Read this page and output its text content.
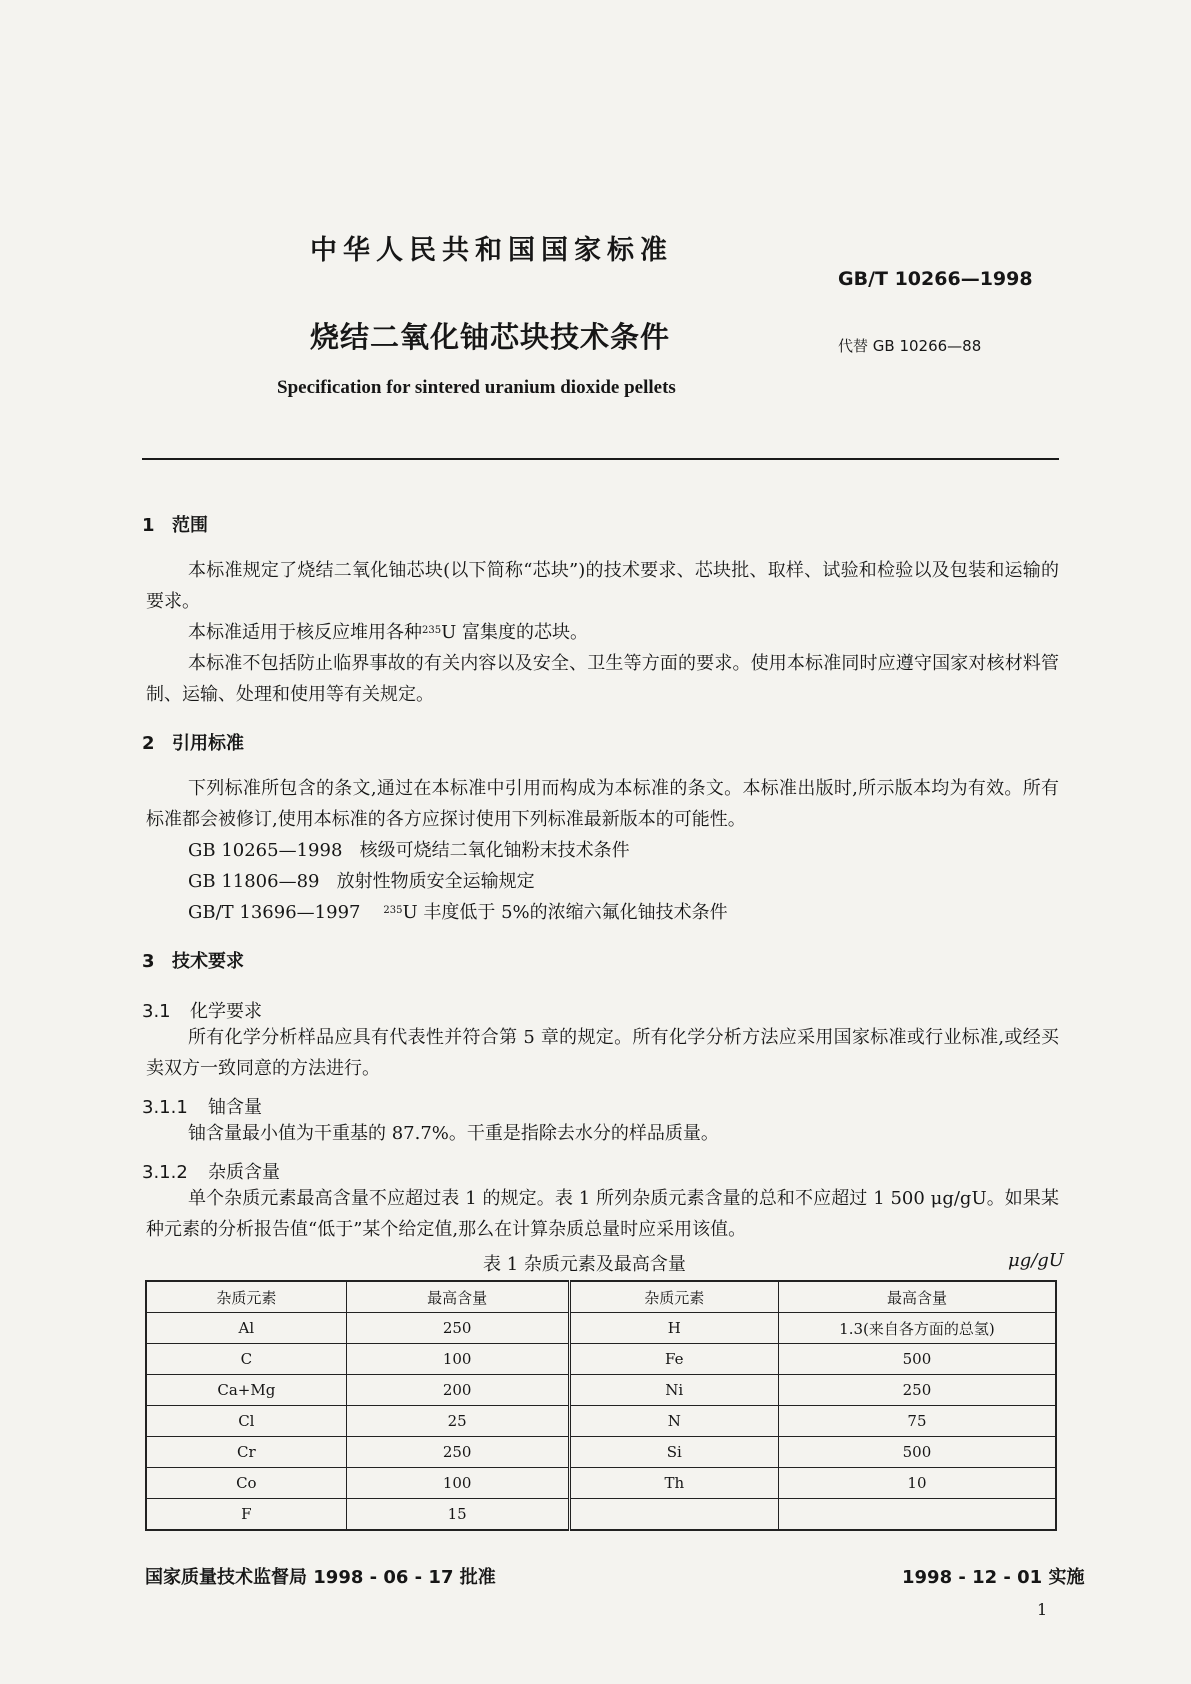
中华人民共和国国家标准
GB/T 10266—1998
烧结二氧化铀芯块技术条件	代替 GB 10266—88
Specification for sintered uranium dioxide pellets
1 范围

本标准规定了烧结二氧化铀芯块(以下简称“芯块”)的技术要求、芯块批、取样、试验和检验以及包装和运输的要求。

本标准适用于核反应堆用各种$^{235}$U 富集度的芯块。

本标准不包括防止临界事故的有关内容以及安全、卫生等方面的要求。使用本标准同时应遵守国家对核材料管制、运输、处理和使用等有关规定。

2 引用标准

下列标准所包含的条文,通过在本标准中引用而构成为本标准的条文。本标准出版时,所示版本均为有效。所有标准都会被修订,使用本标准的各方应探讨使用下列标准最新版本的可能性。

GB 10265—1998 核级可烧结二氧化铀粉末技术条件
GB 11806—89 放射性物质安全运输规定
GB/T 13696—1997 $^{235}$U 丰度低于 5%的浓缩六氟化铀技术条件
3 技术要求
3.1 化学要求

所有化学分析样品应具有代表性并符合第 5 章的规定。所有化学分析方法应采用国家标准或行业标准,或经买卖双方一致同意的方法进行。

3.1.1 铀含量

铀含量最小值为干重基的 87.7%。干重是指除去水分的样品质量。

3.1.2 杂质含量

单个杂质元素最高含量不应超过表 1 的规定。表 1 所列杂质元素含量的总和不应超过 1 500 μg/gU。如果某种元素的分析报告值“低于”某个给定值,那么在计算杂质总量时应采用该值。

表 1 杂质元素及最高含量	μg/gU
杂质元素	最高含量	杂质元素	最高含量
Al	250	H	1.3(来自各方面的总氢)
C	100	Fe	500
Ca+Mg	200	Ni	250
Cl	25	N	75
Cr	250	Si	500
Co	100	Th	10
F	15		
国家质量技术监督局 1998 - 06 - 17 批准	1998 - 12 - 01 实施
1
